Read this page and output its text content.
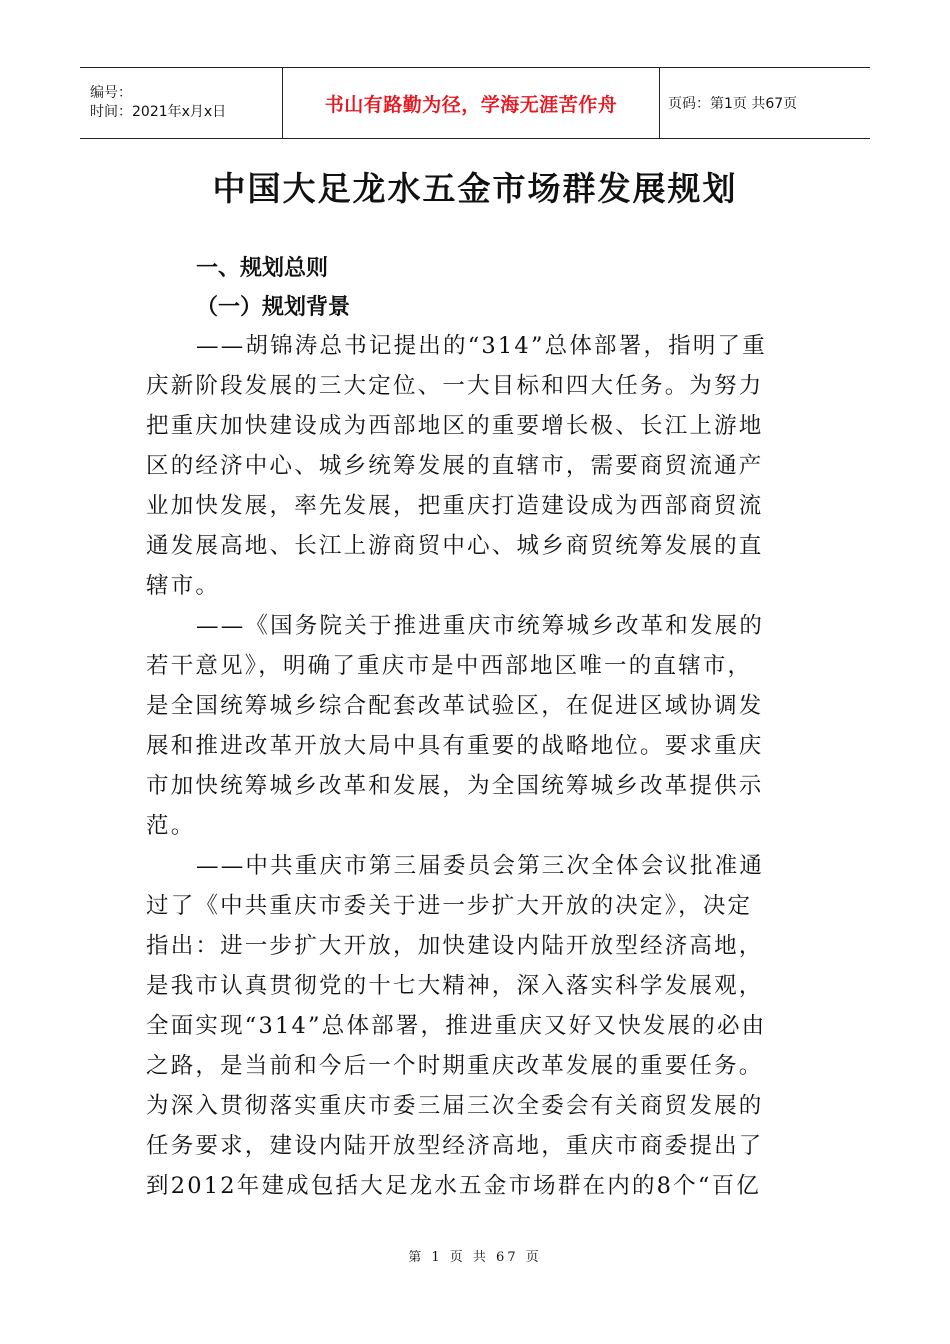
编号：
时间：2021年x月x日	书山有路勤为径，学海无涯苦作舟	页码：第1页 共67页
中国大足龙水五金市场群发展规划
一、规划总则
（一）规划背景
——胡锦涛总书记提出的“314”总体部署，指明了重
庆新阶段发展的三大定位、一大目标和四大任务。为努力
把重庆加快建设成为西部地区的重要增长极、长江上游地
区的经济中心、城乡统筹发展的直辖市，需要商贸流通产
业加快发展，率先发展，把重庆打造建设成为西部商贸流
通发展高地、长江上游商贸中心、城乡商贸统筹发展的直
辖市。
——《国务院关于推进重庆市统筹城乡改革和发展的
若干意见》，明确了重庆市是中西部地区唯一的直辖市，
是全国统筹城乡综合配套改革试验区，在促进区域协调发
展和推进改革开放大局中具有重要的战略地位。要求重庆
市加快统筹城乡改革和发展，为全国统筹城乡改革提供示
范。
——中共重庆市第三届委员会第三次全体会议批准通
过了《中共重庆市委关于进一步扩大开放的决定》，决定
指出：进一步扩大开放，加快建设内陆开放型经济高地，
是我市认真贯彻党的十七大精神，深入落实科学发展观，
全面实现“314”总体部署，推进重庆又好又快发展的必由
之路，是当前和今后一个时期重庆改革发展的重要任务。
为深入贯彻落实重庆市委三届三次全委会有关商贸发展的
任务要求，建设内陆开放型经济高地，重庆市商委提出了
到2012年建成包括大足龙水五金市场群在内的8个“百亿
第 1 页 共 67 页
